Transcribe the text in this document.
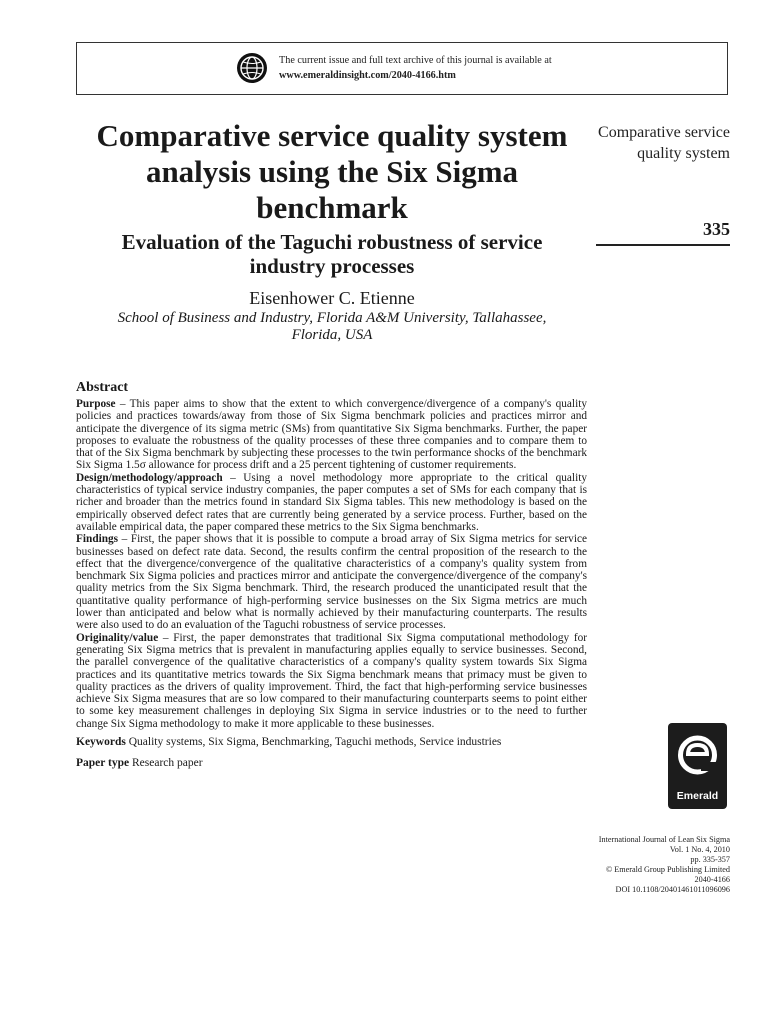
The current issue and full text archive of this journal is available at
www.emeraldinsight.com/2040-4166.htm
Comparative service quality system analysis using the Six Sigma benchmark
Evaluation of the Taguchi robustness of service industry processes
Eisenhower C. Etienne
School of Business and Industry, Florida A&M University, Tallahassee, Florida, USA
Comparative service quality system
335
Abstract

Purpose – This paper aims to show that the extent to which convergence/divergence of a company's quality policies and practices towards/away from those of Six Sigma benchmark policies and practices mirror and anticipate the divergence of its sigma metric (SMs) from quantitative Six Sigma benchmarks. Further, the paper proposes to evaluate the robustness of the quality processes of these three companies and to compare them to that of the Six Sigma benchmark by subjecting these processes to the twin performance shocks of the benchmark Six Sigma 1.5σ allowance for process drift and a 25 percent tightening of customer requirements.

Design/methodology/approach – Using a novel methodology more appropriate to the critical quality characteristics of typical service industry companies, the paper computes a set of SMs for each company that is richer and broader than the metrics found in standard Six Sigma tables. This new methodology is based on the empirically observed defect rates that are currently being generated by a service process. Further, based on the available empirical data, the paper compared these metrics to the Six Sigma benchmarks.

Findings – First, the paper shows that it is possible to compute a broad array of Six Sigma metrics for service businesses based on defect rate data. Second, the results confirm the central proposition of the research to the effect that the divergence/convergence of the qualitative characteristics of a company's quality system from benchmark Six Sigma policies and practices mirror and anticipate the convergence/divergence of the company's quality metrics from the Six Sigma benchmark. Third, the research produced the unanticipated result that the quantitative quality performance of high-performing service businesses on the Six Sigma metrics are much lower than anticipated and below what is normally achieved by their manufacturing counterparts. The results were also used to do an evaluation of the Taguchi robustness of service processes.

Originality/value – First, the paper demonstrates that traditional Six Sigma computational methodology for generating Six Sigma metrics that is prevalent in manufacturing applies equally to service businesses. Second, the parallel convergence of the qualitative characteristics of a company's quality system towards Six Sigma practices and its quantitative metrics towards the Six Sigma benchmark means that primacy must be given to quality practices as the drivers of quality improvement. Third, the fact that high-performing service businesses achieve Six Sigma measures that are so low compared to their manufacturing counterparts seems to point either to some key measurement challenges in deploying Six Sigma in service industries or to the need to further change Six Sigma methodology to make it more applicable to these businesses.

Keywords Quality systems, Six Sigma, Benchmarking, Taguchi methods, Service industries

Paper type Research paper

Emerald
International Journal of Lean Six Sigma
Vol. 1 No. 4, 2010
pp. 335-357
© Emerald Group Publishing Limited
2040-4166
DOI 10.1108/20401461011096096
